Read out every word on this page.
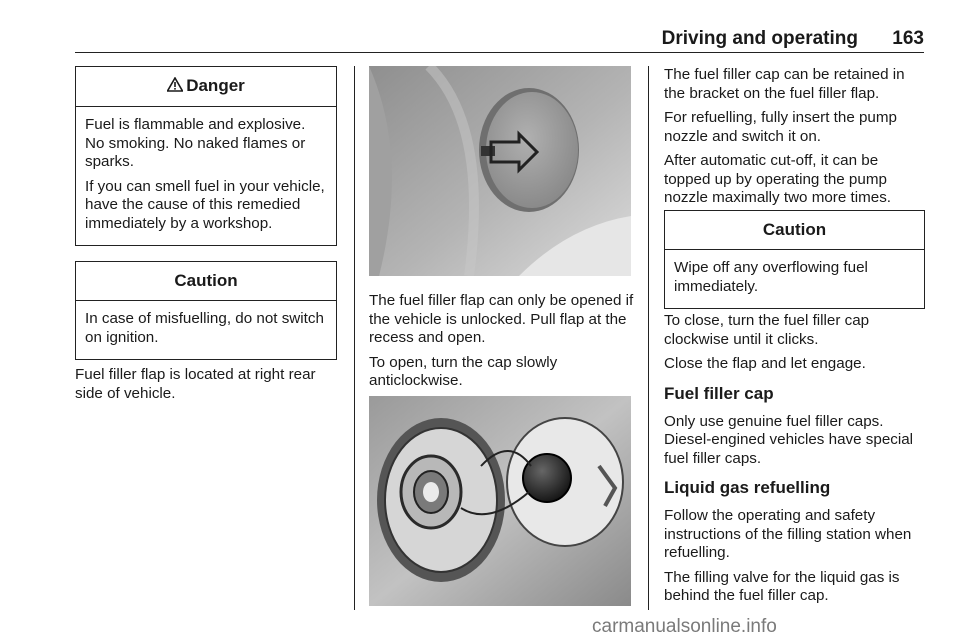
Driving and operating 163
Danger

Fuel is flammable and explosive. No smoking. No naked flames or sparks.

If you can smell fuel in your vehicle, have the cause of this remedied immediately by a workshop.

Caution

In case of misfuelling, do not switch on ignition.

Fuel filler flap is located at right rear side of vehicle.

The fuel filler flap can only be opened if the vehicle is unlocked. Pull flap at the recess and open.

To open, turn the cap slowly anticlockwise.

The fuel filler cap can be retained in the bracket on the fuel filler flap.

For refuelling, fully insert the pump nozzle and switch it on.

After automatic cut-off, it can be topped up by operating the pump nozzle maximally two more times.

Caution

Wipe off any overflowing fuel immediately.

To close, turn the fuel filler cap clockwise until it clicks.

Close the flap and let engage.

Fuel filler cap

Only use genuine fuel filler caps. Diesel-engined vehicles have special fuel filler caps.

Liquid gas refuelling

Follow the operating and safety instructions of the filling station when refuelling.

The filling valve for the liquid gas is behind the fuel filler cap.

carmanualsonline.info
